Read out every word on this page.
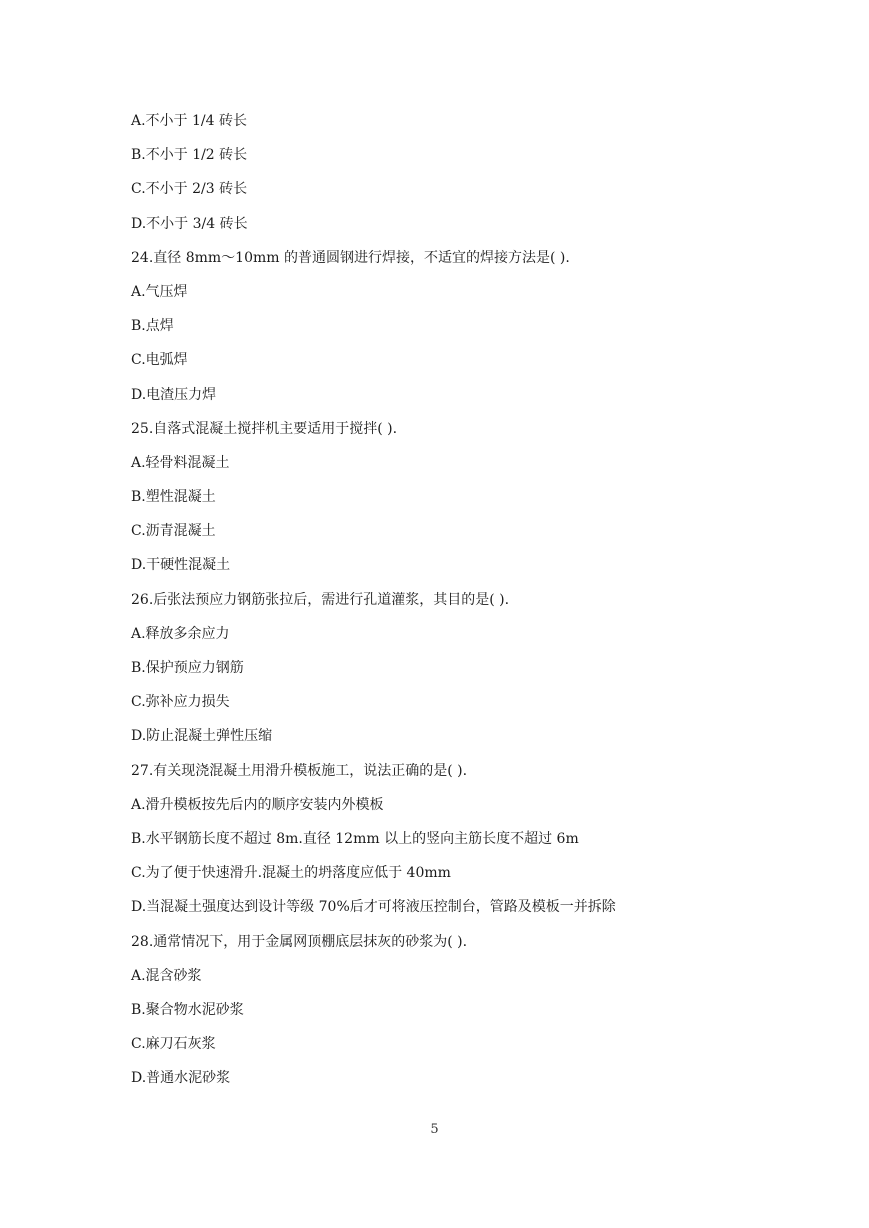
A.不小于 1/4 砖长
B.不小于 1/2 砖长
C.不小于 2/3 砖长
D.不小于 3/4 砖长
24.直径 8mm～10mm 的普通圆钢进行焊接，不适宜的焊接方法是( ).
A.气压焊
B.点焊
C.电弧焊
D.电渣压力焊
25.自落式混凝土搅拌机主要适用于搅拌( ).
A.轻骨料混凝土
B.塑性混凝土
C.沥青混凝土
D.干硬性混凝土
26.后张法预应力钢筋张拉后，需进行孔道灌浆，其目的是( ).
A.释放多余应力
B.保护预应力钢筋
C.弥补应力损失
D.防止混凝土弹性压缩
27.有关现浇混凝土用滑升模板施工，说法正确的是( ).
A.滑升模板按先后内的顺序安装内外模板
B.水平钢筋长度不超过 8m.直径 12mm 以上的竖向主筋长度不超过 6m
C.为了便于快速滑升.混凝土的坍落度应低于 40mm
D.当混凝土强度达到设计等级 70%后才可将液压控制台，管路及模板一并拆除
28.通常情况下，用于金属网顶棚底层抹灰的砂浆为( ).
A.混含砂浆
B.聚合物水泥砂浆
C.麻刀石灰浆
D.普通水泥砂浆
5
